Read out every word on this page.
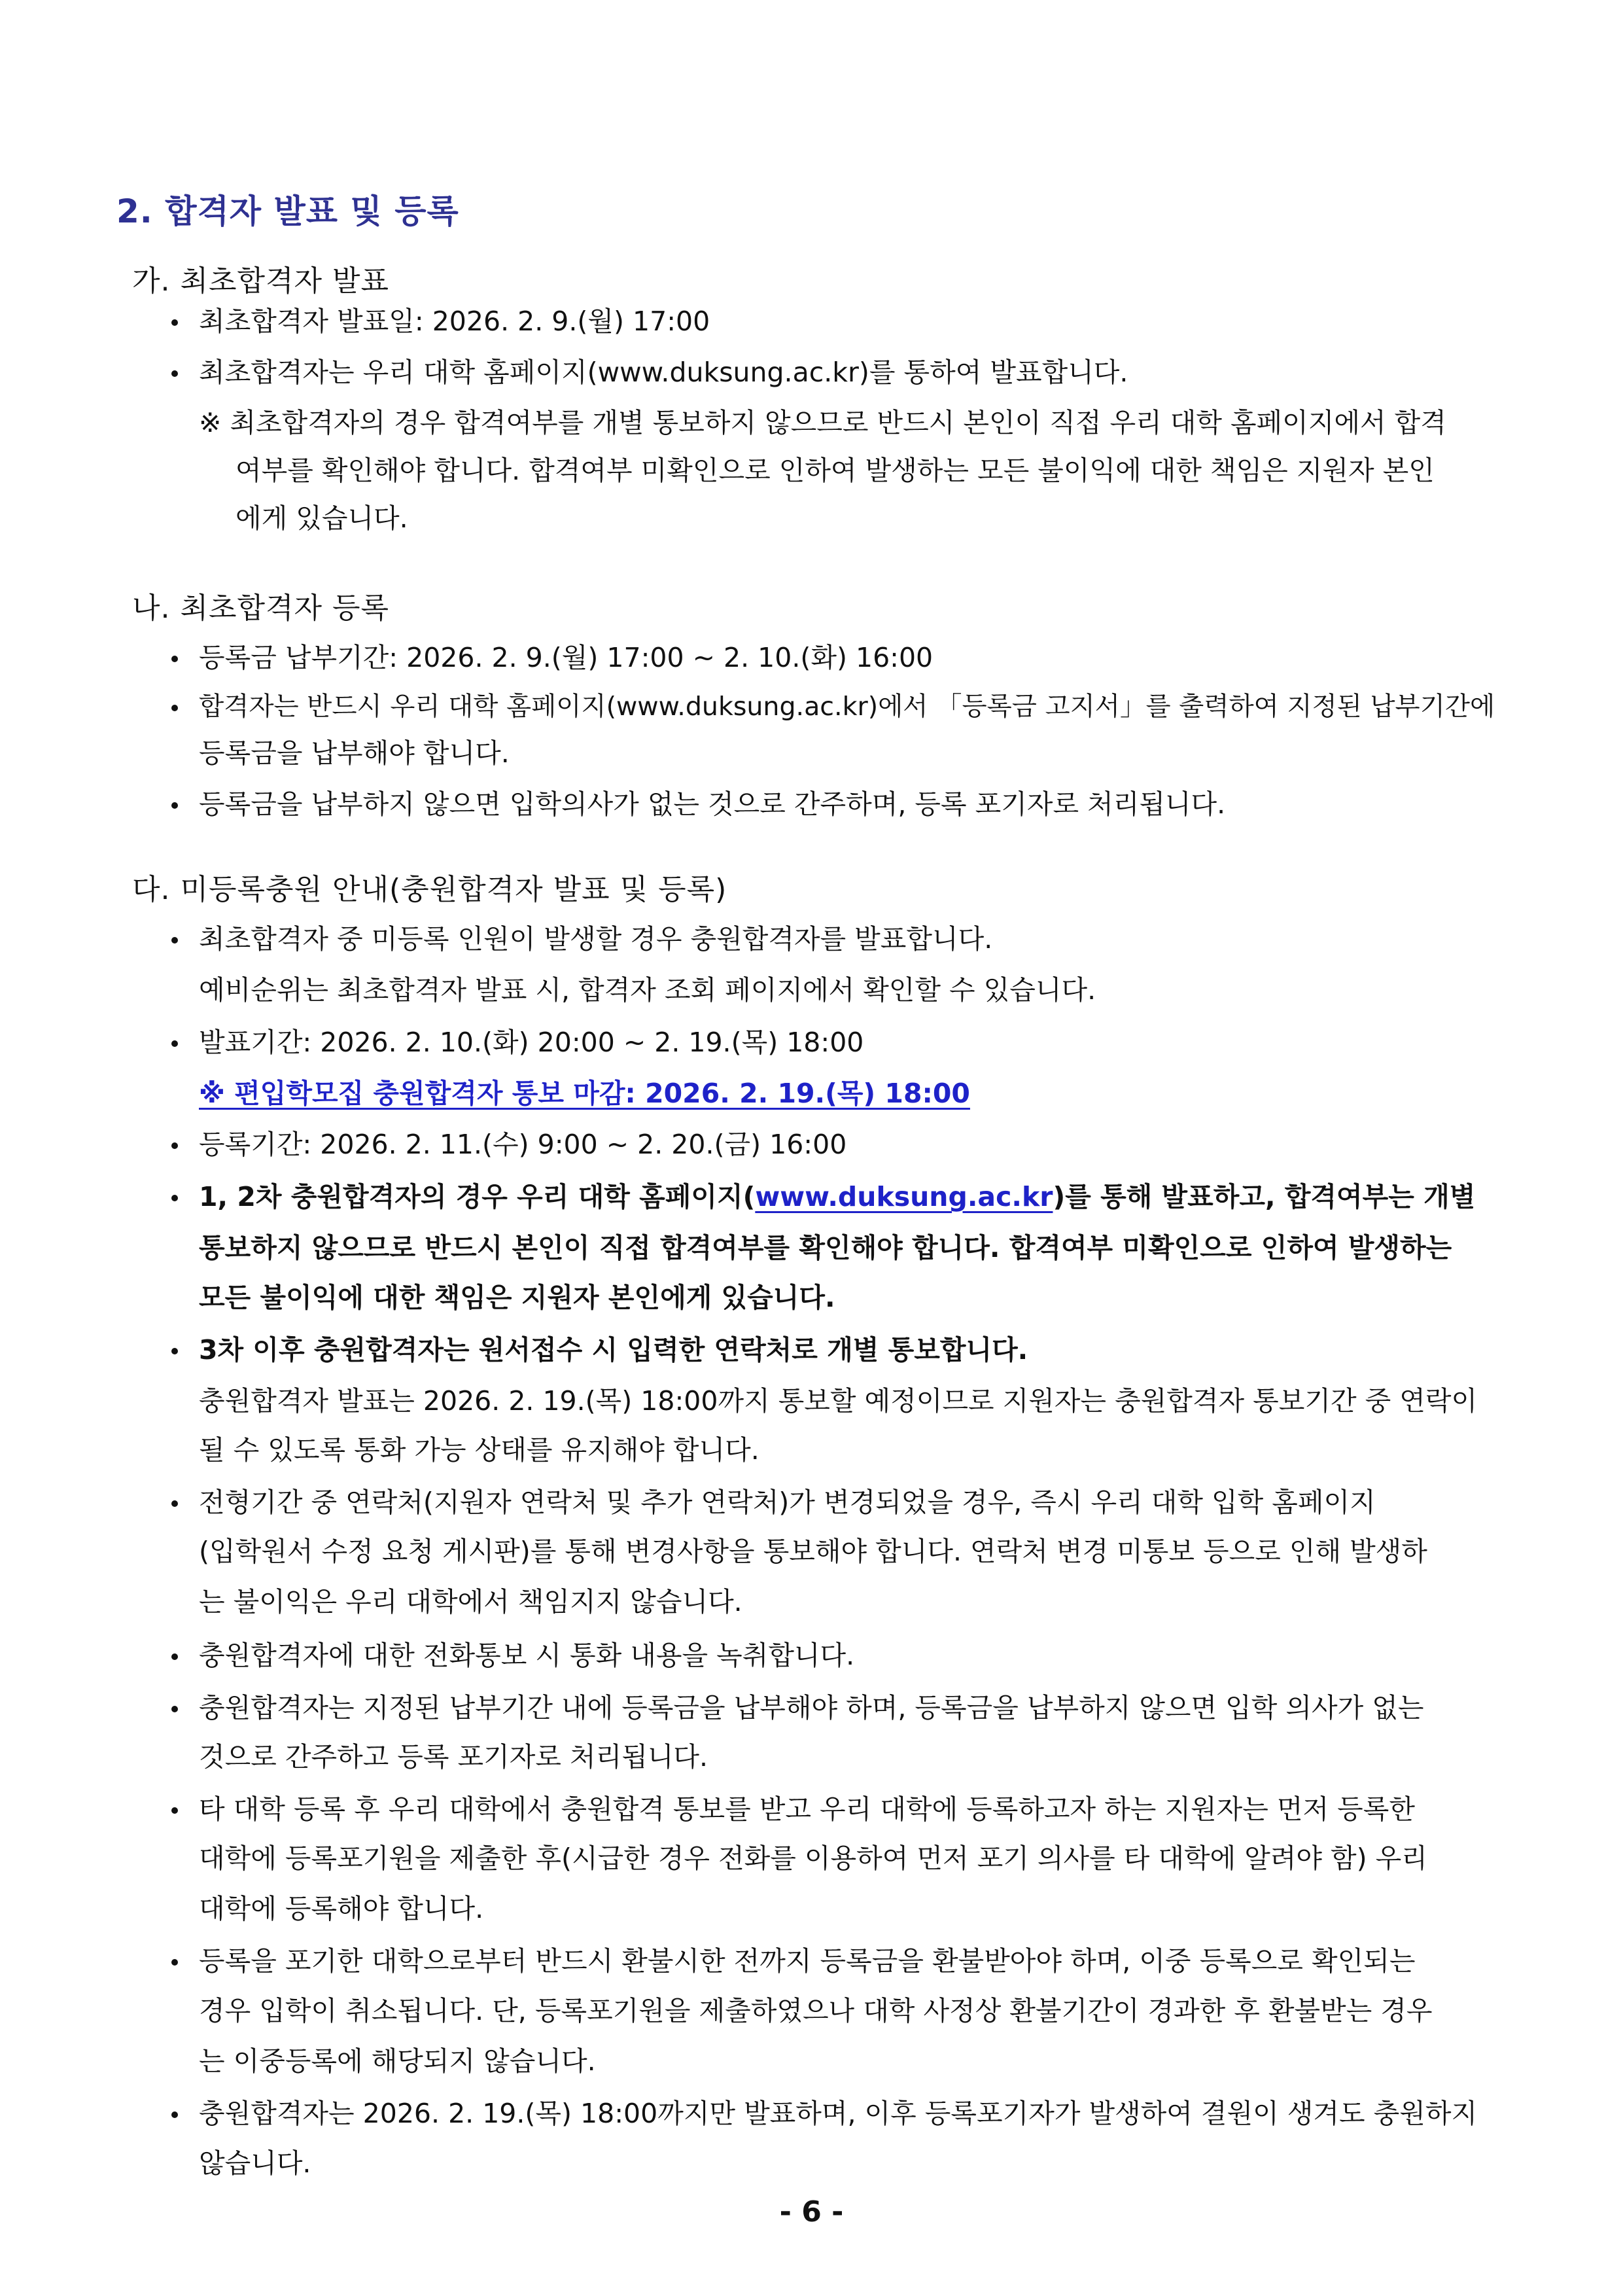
2. 합격자 발표 및 등록
가. 최초합격자 발표
최초합격자 발표일: 2026. 2. 9.(월) 17:00
최초합격자는 우리 대학 홈페이지(www.duksung.ac.kr)를 통하여 발표합니다.
※ 최초합격자의 경우 합격여부를 개별 통보하지 않으므로 반드시 본인이 직접 우리 대학 홈페이지에서 합격
여부를 확인해야 합니다. 합격여부 미확인으로 인하여 발생하는 모든 불이익에 대한 책임은 지원자 본인
에게 있습니다.
나. 최초합격자 등록
등록금 납부기간: 2026. 2. 9.(월) 17:00 ~ 2. 10.(화) 16:00
합격자는 반드시 우리 대학 홈페이지(www.duksung.ac.kr)에서 「등록금 고지서」를 출력하여 지정된 납부기간에
등록금을 납부해야 합니다.
등록금을 납부하지 않으면 입학의사가 없는 것으로 간주하며, 등록 포기자로 처리됩니다.
다. 미등록충원 안내(충원합격자 발표 및 등록)
최초합격자 중 미등록 인원이 발생할 경우 충원합격자를 발표합니다.
예비순위는 최초합격자 발표 시, 합격자 조회 페이지에서 확인할 수 있습니다.
발표기간: 2026. 2. 10.(화) 20:00 ~ 2. 19.(목) 18:00
※ 편입학모집 충원합격자 통보 마감: 2026. 2. 19.(목) 18:00
등록기간: 2026. 2. 11.(수) 9:00 ~ 2. 20.(금) 16:00
1, 2차 충원합격자의 경우 우리 대학 홈페이지(www.duksung.ac.kr)를 통해 발표하고, 합격여부는 개별
통보하지 않으므로 반드시 본인이 직접 합격여부를 확인해야 합니다. 합격여부 미확인으로 인하여 발생하는
모든 불이익에 대한 책임은 지원자 본인에게 있습니다.
3차 이후 충원합격자는 원서접수 시 입력한 연락처로 개별 통보합니다.
충원합격자 발표는 2026. 2. 19.(목) 18:00까지 통보할 예정이므로 지원자는 충원합격자 통보기간 중 연락이
될 수 있도록 통화 가능 상태를 유지해야 합니다.
전형기간 중 연락처(지원자 연락처 및 추가 연락처)가 변경되었을 경우, 즉시 우리 대학 입학 홈페이지
(입학원서 수정 요청 게시판)를 통해 변경사항을 통보해야 합니다. 연락처 변경 미통보 등으로 인해 발생하
는 불이익은 우리 대학에서 책임지지 않습니다.
충원합격자에 대한 전화통보 시 통화 내용을 녹취합니다.
충원합격자는 지정된 납부기간 내에 등록금을 납부해야 하며, 등록금을 납부하지 않으면 입학 의사가 없는
것으로 간주하고 등록 포기자로 처리됩니다.
타 대학 등록 후 우리 대학에서 충원합격 통보를 받고 우리 대학에 등록하고자 하는 지원자는 먼저 등록한
대학에 등록포기원을 제출한 후(시급한 경우 전화를 이용하여 먼저 포기 의사를 타 대학에 알려야 함) 우리
대학에 등록해야 합니다.
등록을 포기한 대학으로부터 반드시 환불시한 전까지 등록금을 환불받아야 하며, 이중 등록으로 확인되는
경우 입학이 취소됩니다. 단, 등록포기원을 제출하였으나 대학 사정상 환불기간이 경과한 후 환불받는 경우
는 이중등록에 해당되지 않습니다.
충원합격자는 2026. 2. 19.(목) 18:00까지만 발표하며, 이후 등록포기자가 발생하여 결원이 생겨도 충원하지
않습니다.
- 6 -
